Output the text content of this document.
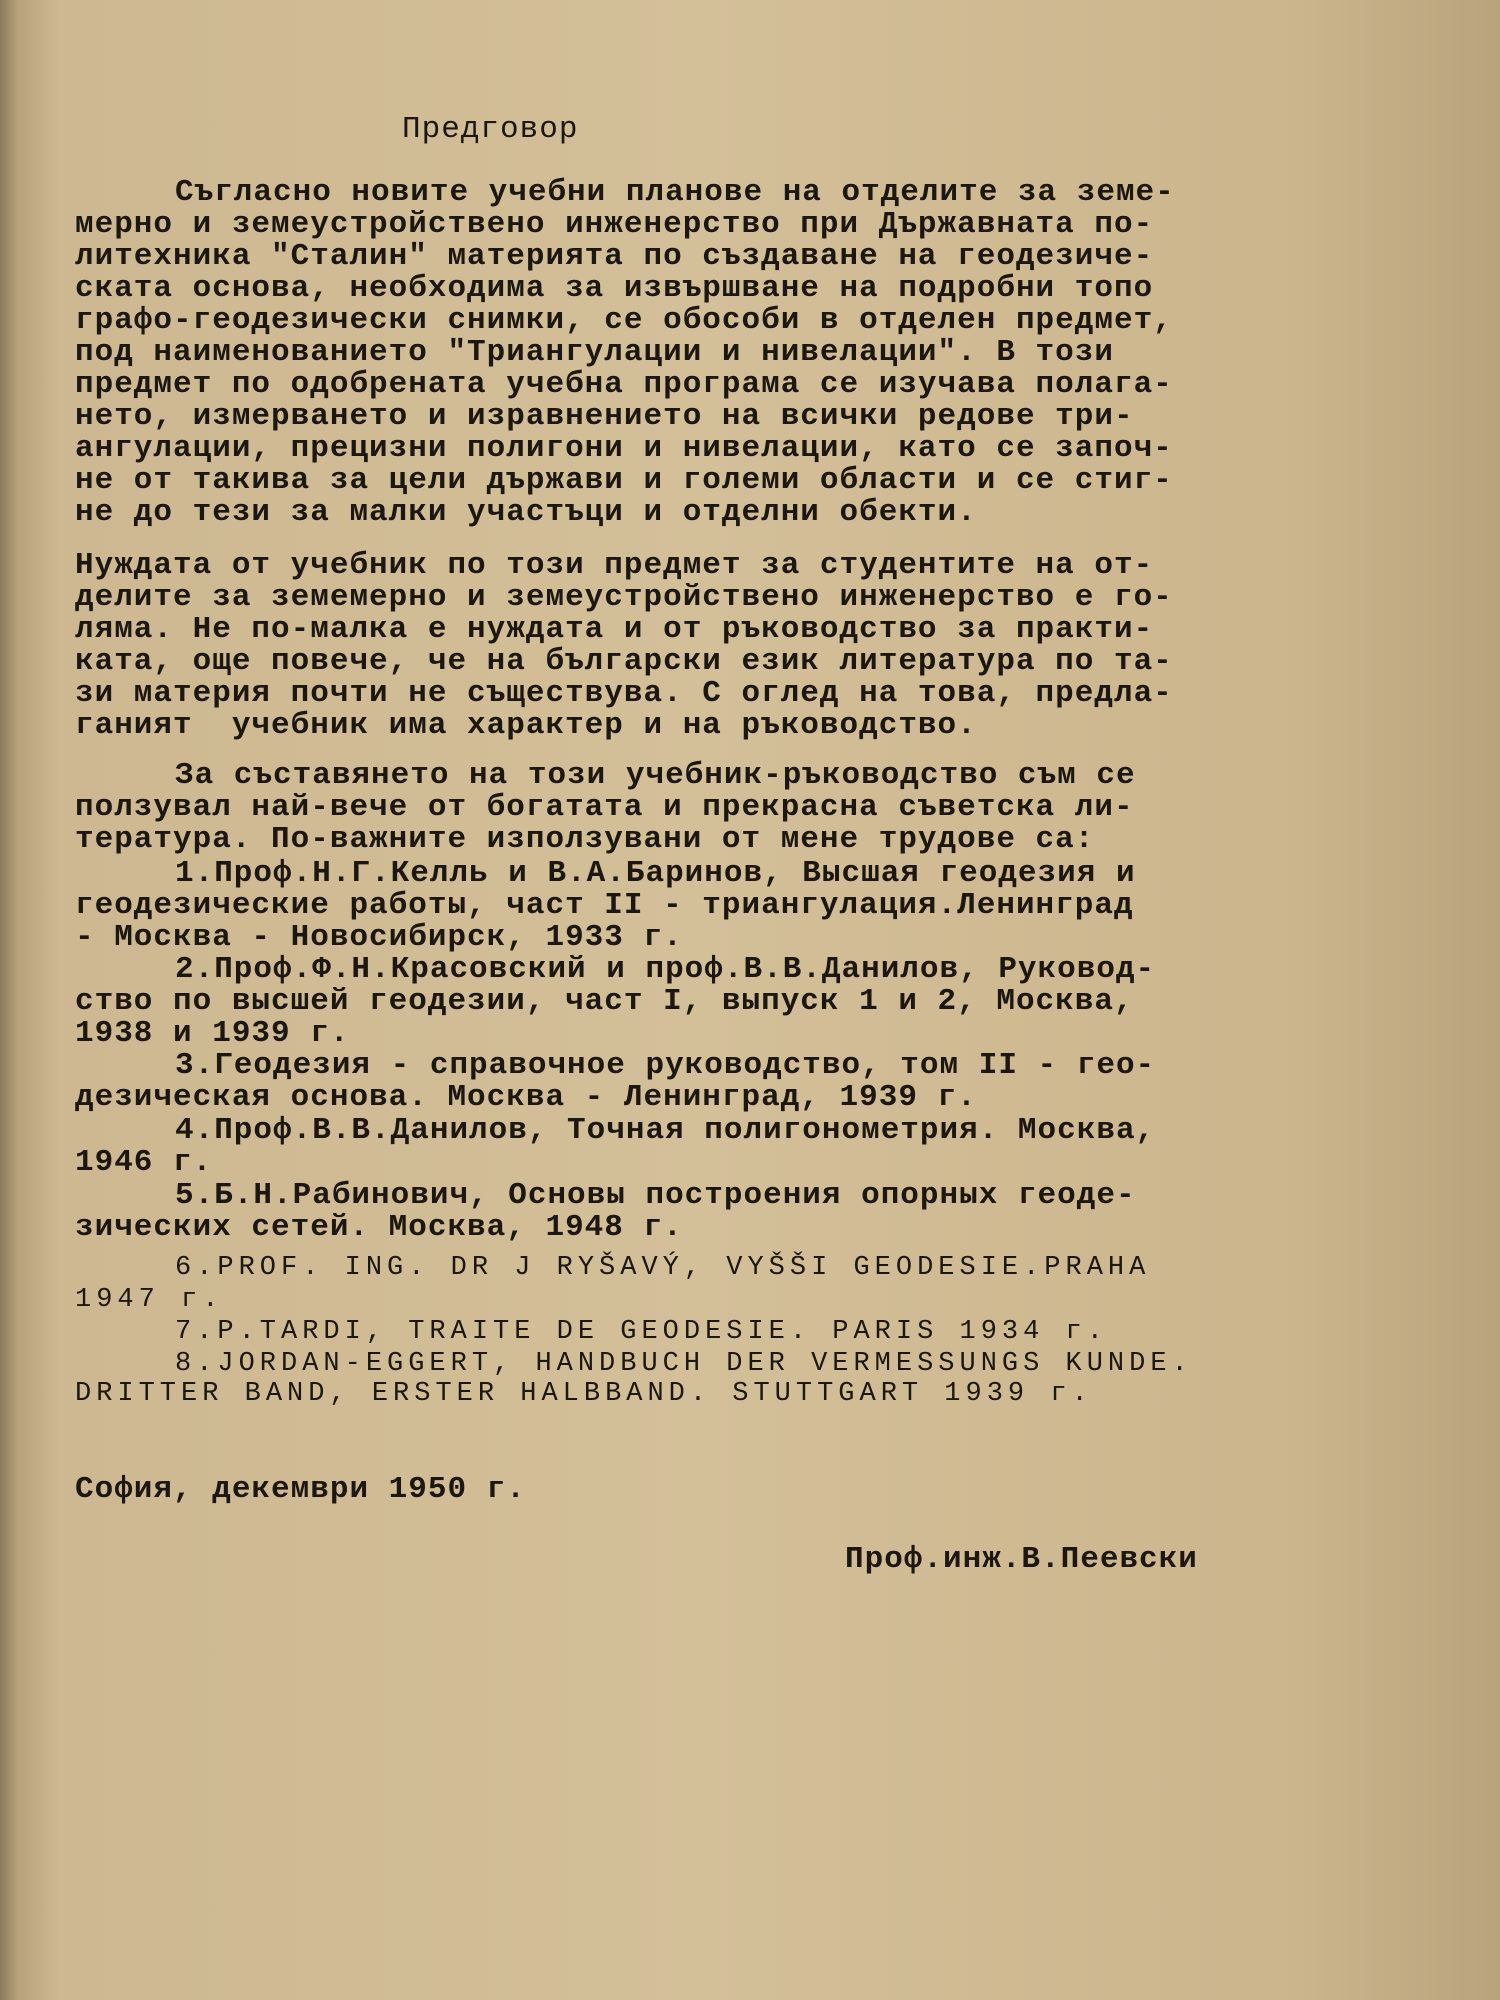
Предговор
Съгласно новите учебни планове на отделите за земе-
мерно и земеустройствено инженерство при Държавната по-
литехника "Сталин" материята по създаване на геодезиче-
ската основа, необходима за извършване на подробни топо
графо-геодезически снимки, се обособи в отделен предмет,
под наименованието "Триангулации и нивелации". В този
предмет по одобрената учебна програма се изучава полага-
нето, измерването и изравнението на всички редове три-
ангулации, прецизни полигони и нивелации, като се започ-
не от такива за цели държави и големи области и се стиг-
не до тези за малки участъци и отделни обекти.
Нуждата от учебник по този предмет за студентите на от-
делите за земемерно и земеустройствено инженерство е го-
ляма. Не по-малка е нуждата и от ръководство за практи-
ката, още повече, че на български език литература по та-
зи материя почти не съществува. С оглед на това, предла-
ганият  учебник има характер и на ръководство.
За съставянето на този учебник-ръководство съм се
ползувал най-вече от богатата и прекрасна съветска ли-
тература. По-важните използувани от мене трудове са:
1.Проф.Н.Г.Келль и В.А.Баринов, Высшая геодезия и
геодезические работы, част II - триангулация.Ленинград
- Москва - Новосибирск, 1933 г.
2.Проф.Ф.Н.Красовский и проф.В.В.Данилов, Руковод-
ство по высшей геодезии, част I, выпуск 1 и 2, Москва,
1938 и 1939 г.
3.Геодезия - справочное руководство, том II - гео-
дезическая основа. Москва - Ленинград, 1939 г.
4.Проф.В.В.Данилов, Точная полигонометрия. Москва,
1946 г.
5.Б.Н.Рабинович, Основы построения опорных геоде-
зических сетей. Москва, 1948 г.
6.PROF. ING. DR J RYŠAVÝ, VYŠŠI GEODESIE.PRAHA
1947 г.
7.P.TARDI, TRAITE DE GEODESIE. PARIS 1934 г.
8.JORDAN-EGGERT, HANDBUCH DER VERMESSUNGS KUNDE.
DRITTER BAND, ERSTER HALBBAND. STUTTGART 1939 г.
София, декември 1950 г.
Проф.инж.В.Пеевски
